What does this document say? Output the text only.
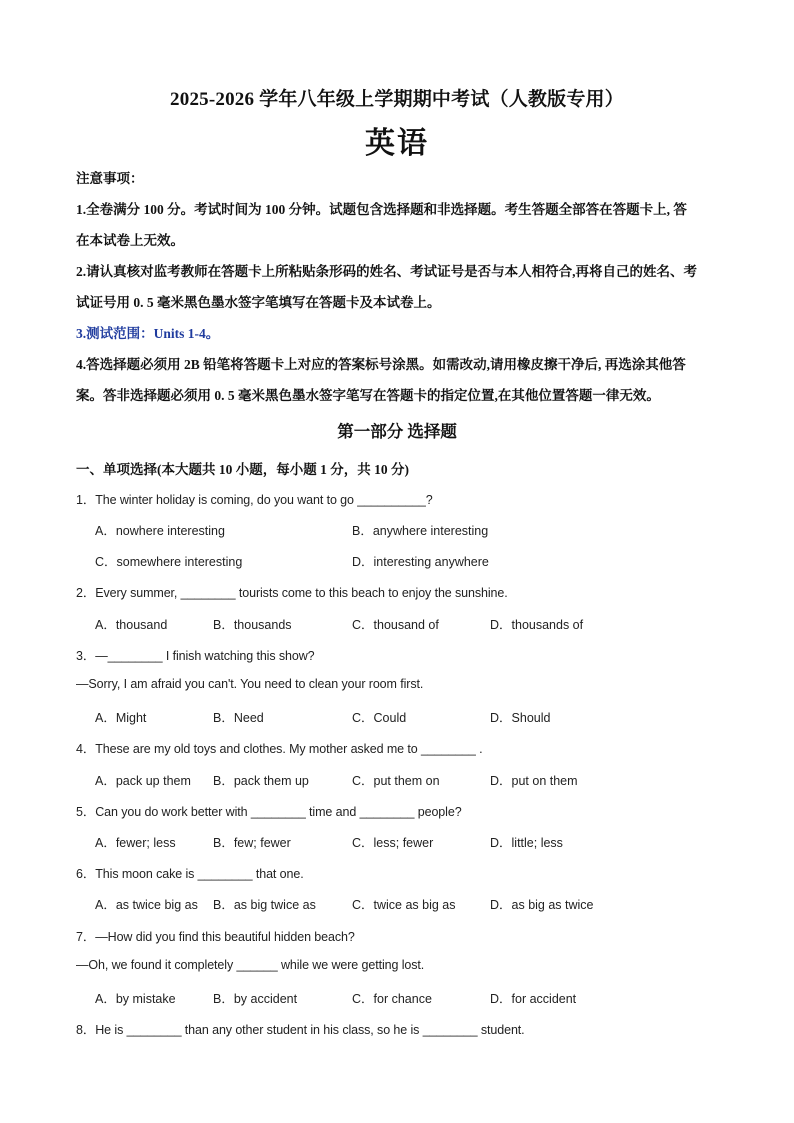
2025-2026 学年八年级上学期期中考试（人教版专用）
英语
注意事项：
1.全卷满分 100 分。考试时间为 100 分钟。试题包含选择题和非选择题。考生答题全部答在答题卡上, 答
在本试卷上无效。
2.请认真核对监考教师在答题卡上所粘贴条形码的姓名、考试证号是否与本人相符合,再将自己的姓名、考
试证号用 0. 5 毫米黑色墨水签字笔填写在答题卡及本试卷上。
3.测试范围：Units 1-4。
4.答选择题必须用 2B 铅笔将答题卡上对应的答案标号涂黑。如需改动,请用橡皮擦干净后, 再选涂其他答
案。答非选择题必须用 0. 5 毫米黑色墨水签字笔写在答题卡的指定位置,在其他位置答题一律无效。
第一部分 选择题
一、单项选择(本大题共 10 小题，每小题 1 分，共 10 分)
1．The winter holiday is coming, do you want to go __________?
A．nowhere interesting	B．anywhere interesting
C．somewhere interesting	D．interesting anywhere
2．Every summer, ________ tourists come to this beach to enjoy the sunshine.
A．thousand	B．thousands	C．thousand of	D．thousands of
3．—________ I finish watching this show?
—Sorry, I am afraid you can't. You need to clean your room first.
A．Might	B．Need	C．Could	D．Should
4．These are my old toys and clothes. My mother asked me to ________ .
A．pack up them B．pack them up	C．put them on	D．put on them
5．Can you do work better with ________ time and ________ people?
A．fewer; less	B．few; fewer	C．less; fewer	D．little; less
6．This moon cake is ________ that one.
A．as twice big as B．as big twice as	C．twice as big as	D．as big as twice
7．—How did you find this beautiful hidden beach?
—Oh, we found it completely ______ while we were getting lost.
A．by mistake	B．by accident	C．for chance	D．for accident
8．He is ________ than any other student in his class, so he is ________ student.
